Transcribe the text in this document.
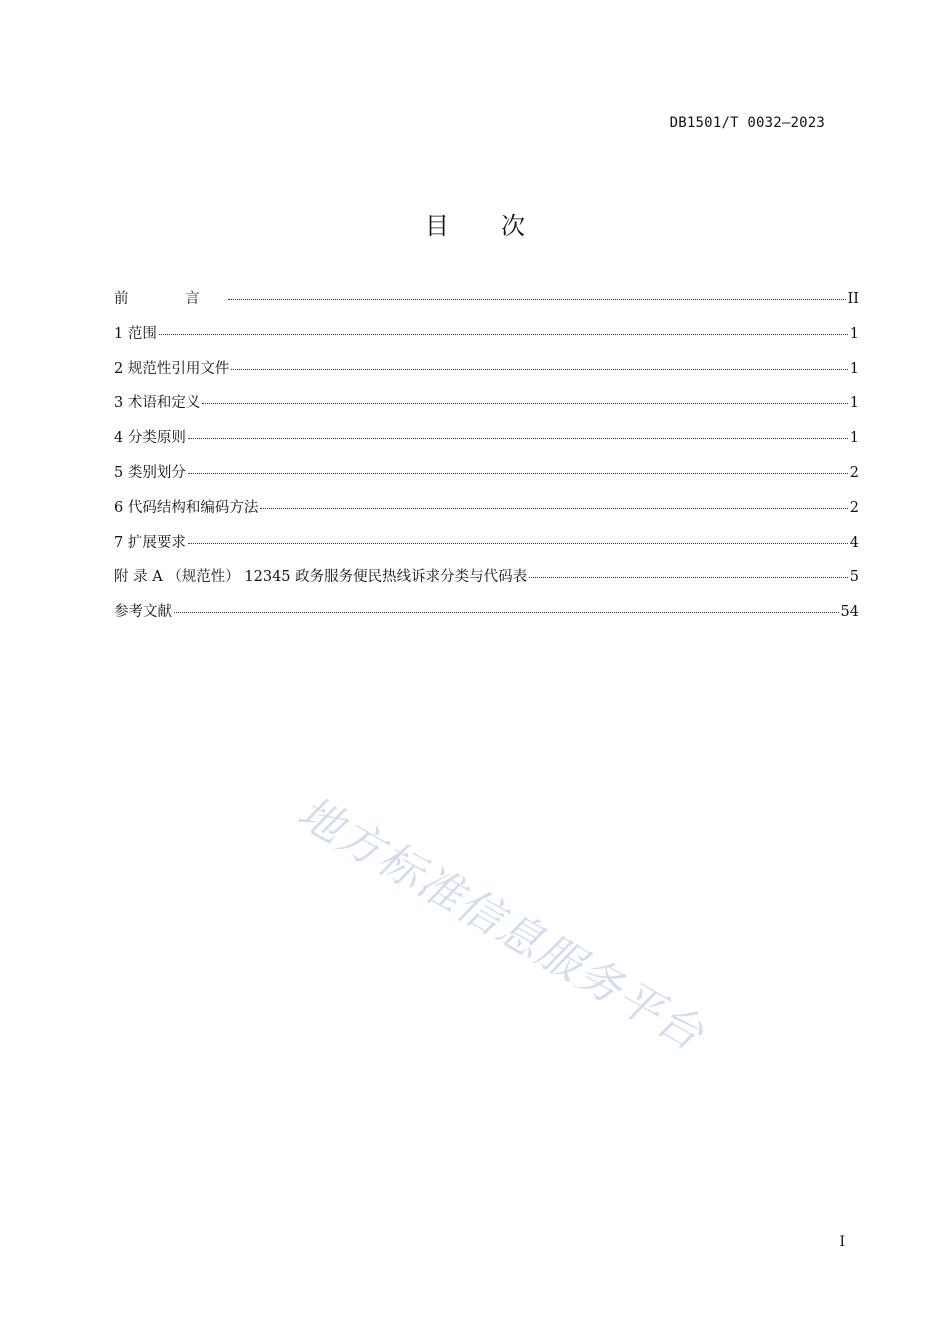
DB1501/T 0032—2023
目 次
前 言	II
1 范围	1
2 规范性引用文件	1
3 术语和定义	1
4 分类原则	1
5 类别划分	2
6 代码结构和编码方法	2
7 扩展要求	4
附 录 A （规范性） 12345 政务服务便民热线诉求分类与代码表	5
参考文献	54
地方标准信息服务平台
I
